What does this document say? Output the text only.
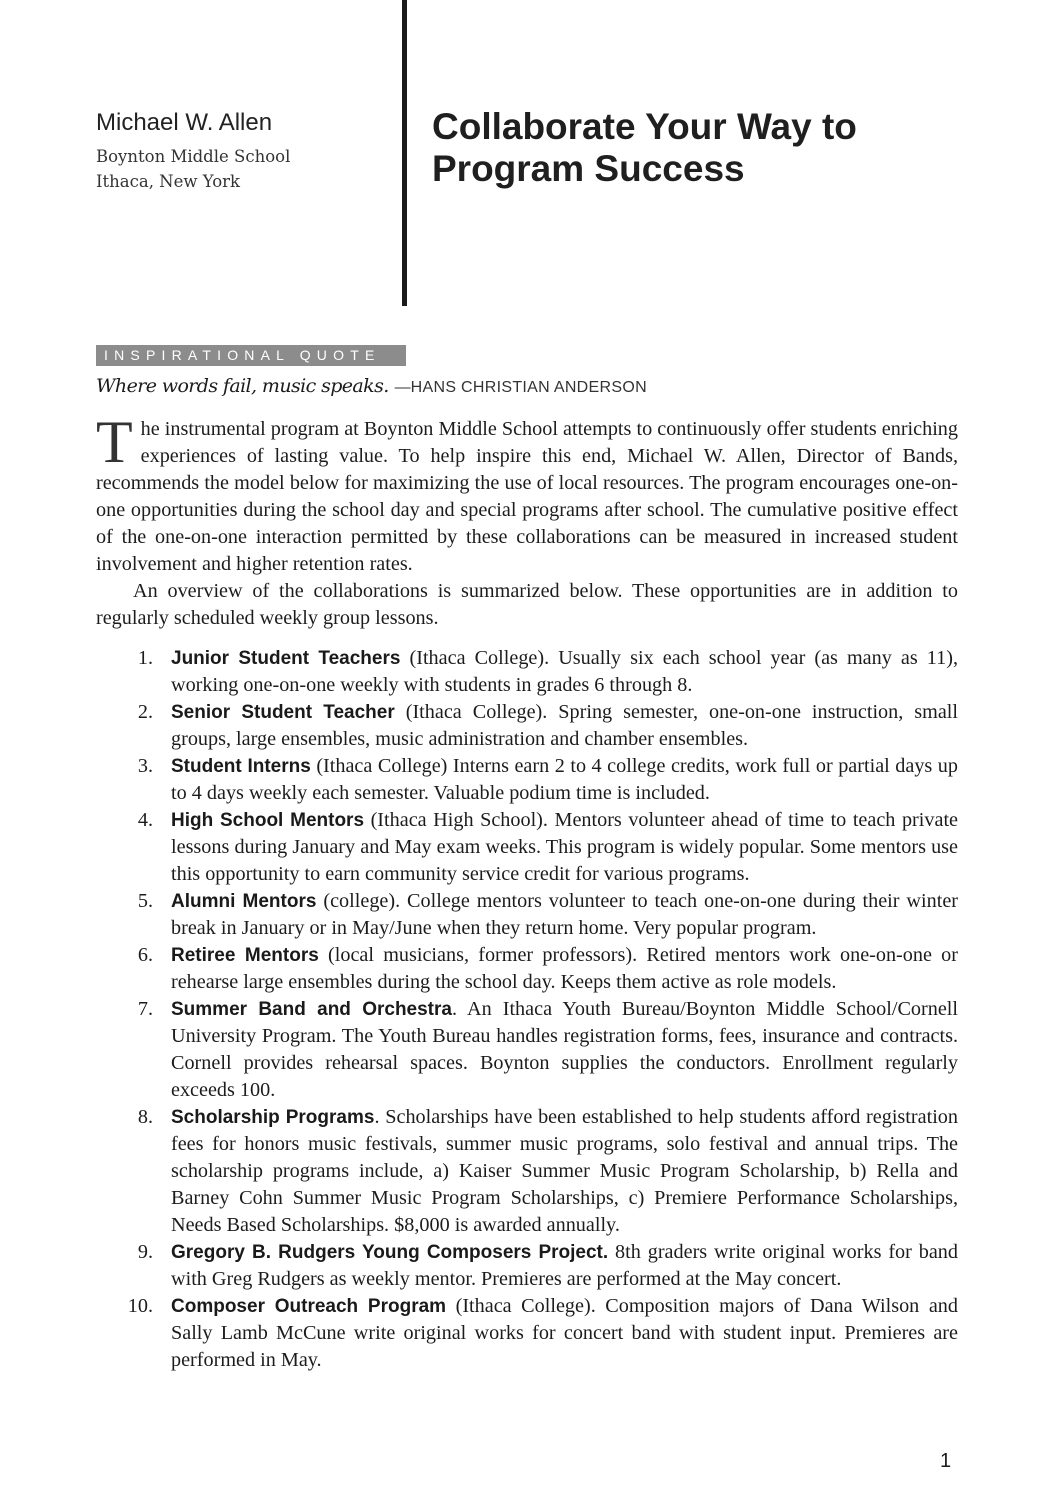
Michael W. Allen
Boynton Middle School
Ithaca, New York
Collaborate Your Way to
Program Success
INSPIRATIONAL QUOTE
Where words fail, music speaks. —HANS CHRISTIAN ANDERSON

The instrumental program at Boynton Middle School attempts to continuously offer students enriching experiences of lasting value. To help inspire this end, Michael W. Allen, Director of Bands, recommends the model below for maximizing the use of local resources. The program encourages one-on-one opportunities during the school day and special programs after school. The cumulative positive effect of the one-on-one interaction permitted by these collaborations can be measured in increased student involvement and higher retention rates.

An overview of the collaborations is summarized below. These opportunities are in addition to regularly scheduled weekly group lessons.

1. Junior Student Teachers (Ithaca College). Usually six each school year (as many as 11), working one-on-one weekly with students in grades 6 through 8.
2. Senior Student Teacher (Ithaca College). Spring semester, one-on-one instruction, small groups, large ensembles, music administration and chamber ensembles.
3. Student Interns (Ithaca College) Interns earn 2 to 4 college credits, work full or partial days up to 4 days weekly each semester. Valuable podium time is included.
4. High School Mentors (Ithaca High School). Mentors volunteer ahead of time to teach private lessons during January and May exam weeks. This program is widely popular. Some mentors use this opportunity to earn community service credit for various programs.
5. Alumni Mentors (college). College mentors volunteer to teach one-on-one during their winter break in January or in May/June when they return home. Very popular program.
6. Retiree Mentors (local musicians, former professors). Retired mentors work one-on-one or rehearse large ensembles during the school day. Keeps them active as role models.
7. Summer Band and Orchestra. An Ithaca Youth Bureau/Boynton Middle School/Cornell University Program. The Youth Bureau handles registration forms, fees, insurance and contracts. Cornell provides rehearsal spaces. Boynton supplies the conductors. Enrollment regularly exceeds 100.
8. Scholarship Programs. Scholarships have been established to help students afford registration fees for honors music festivals, summer music programs, solo festival and annual trips. The scholarship programs include, a) Kaiser Summer Music Program Scholarship, b) Rella and Barney Cohn Summer Music Program Scholarships, c) Premiere Performance Scholarships, Needs Based Scholarships. $8,000 is awarded annually.
9. Gregory B. Rudgers Young Composers Project. 8th graders write original works for band with Greg Rudgers as weekly mentor. Premieres are performed at the May concert.
10. Composer Outreach Program (Ithaca College). Composition majors of Dana Wilson and Sally Lamb McCune write original works for concert band with student input. Premieres are performed in May.
1
